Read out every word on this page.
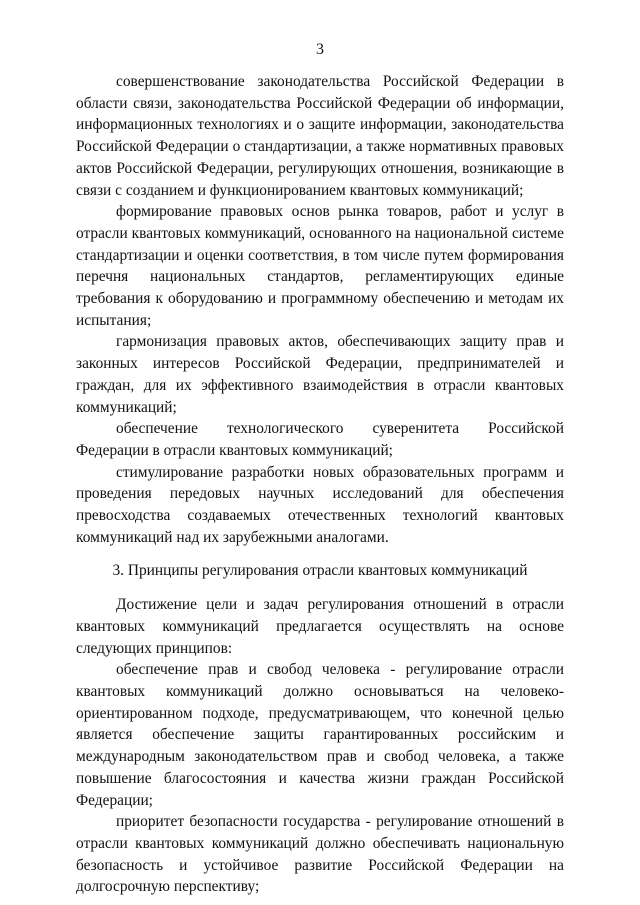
3

совершенствование законодательства Российской Федерации в области связи, законодательства Российской Федерации об информации, информационных технологиях и о защите информации, законодательства Российской Федерации о стандартизации, а также нормативных правовых актов Российской Федерации, регулирующих отношения, возникающие в связи с созданием и функционированием квантовых коммуникаций;

формирование правовых основ рынка товаров, работ и услуг в отрасли квантовых коммуникаций, основанного на национальной системе стандартизации и оценки соответствия, в том числе путем формирования перечня национальных стандартов, регламентирующих единые требования к оборудованию и программному обеспечению и методам их испытания;

гармонизация правовых актов, обеспечивающих защиту прав и законных интересов Российской Федерации, предпринимателей и граждан, для их эффективного взаимодействия в отрасли квантовых коммуникаций;

обеспечение технологического суверенитета Российской Федерации в отрасли квантовых коммуникаций;

стимулирование разработки новых образовательных программ и проведения передовых научных исследований для обеспечения превосходства создаваемых отечественных технологий квантовых коммуникаций над их зарубежными аналогами.

3. Принципы регулирования отрасли квантовых коммуникаций

Достижение цели и задач регулирования отношений в отрасли квантовых коммуникаций предлагается осуществлять на основе следующих принципов:

обеспечение прав и свобод человека - регулирование отрасли квантовых коммуникаций должно основываться на человеко-ориентированном подходе, предусматривающем, что конечной целью является обеспечение защиты гарантированных российским и международным законодательством прав и свобод человека, а также повышение благосостояния и качества жизни граждан Российской Федерации;

приоритет безопасности государства - регулирование отношений в отрасли квантовых коммуникаций должно обеспечивать национальную безопасность и устойчивое развитие Российской Федерации на долгосрочную перспективу;
